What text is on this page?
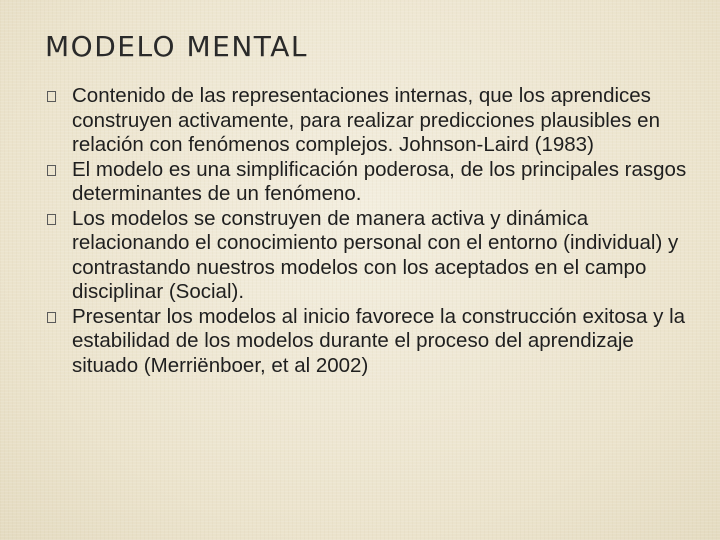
MODELO MENTAL
Contenido de las representaciones internas, que los aprendices construyen activamente, para realizar predicciones plausibles en relación con fenómenos complejos. Johnson-Laird (1983)
El modelo es una simplificación poderosa, de los principales rasgos determinantes de un fenómeno.
Los modelos se construyen de manera activa y dinámica relacionando el conocimiento personal con el entorno (individual) y contrastando nuestros modelos con los aceptados en el campo disciplinar (Social).
Presentar los modelos al inicio favorece la construcción exitosa y la estabilidad de los modelos durante el proceso del aprendizaje situado (Merriënboer, et al 2002)
